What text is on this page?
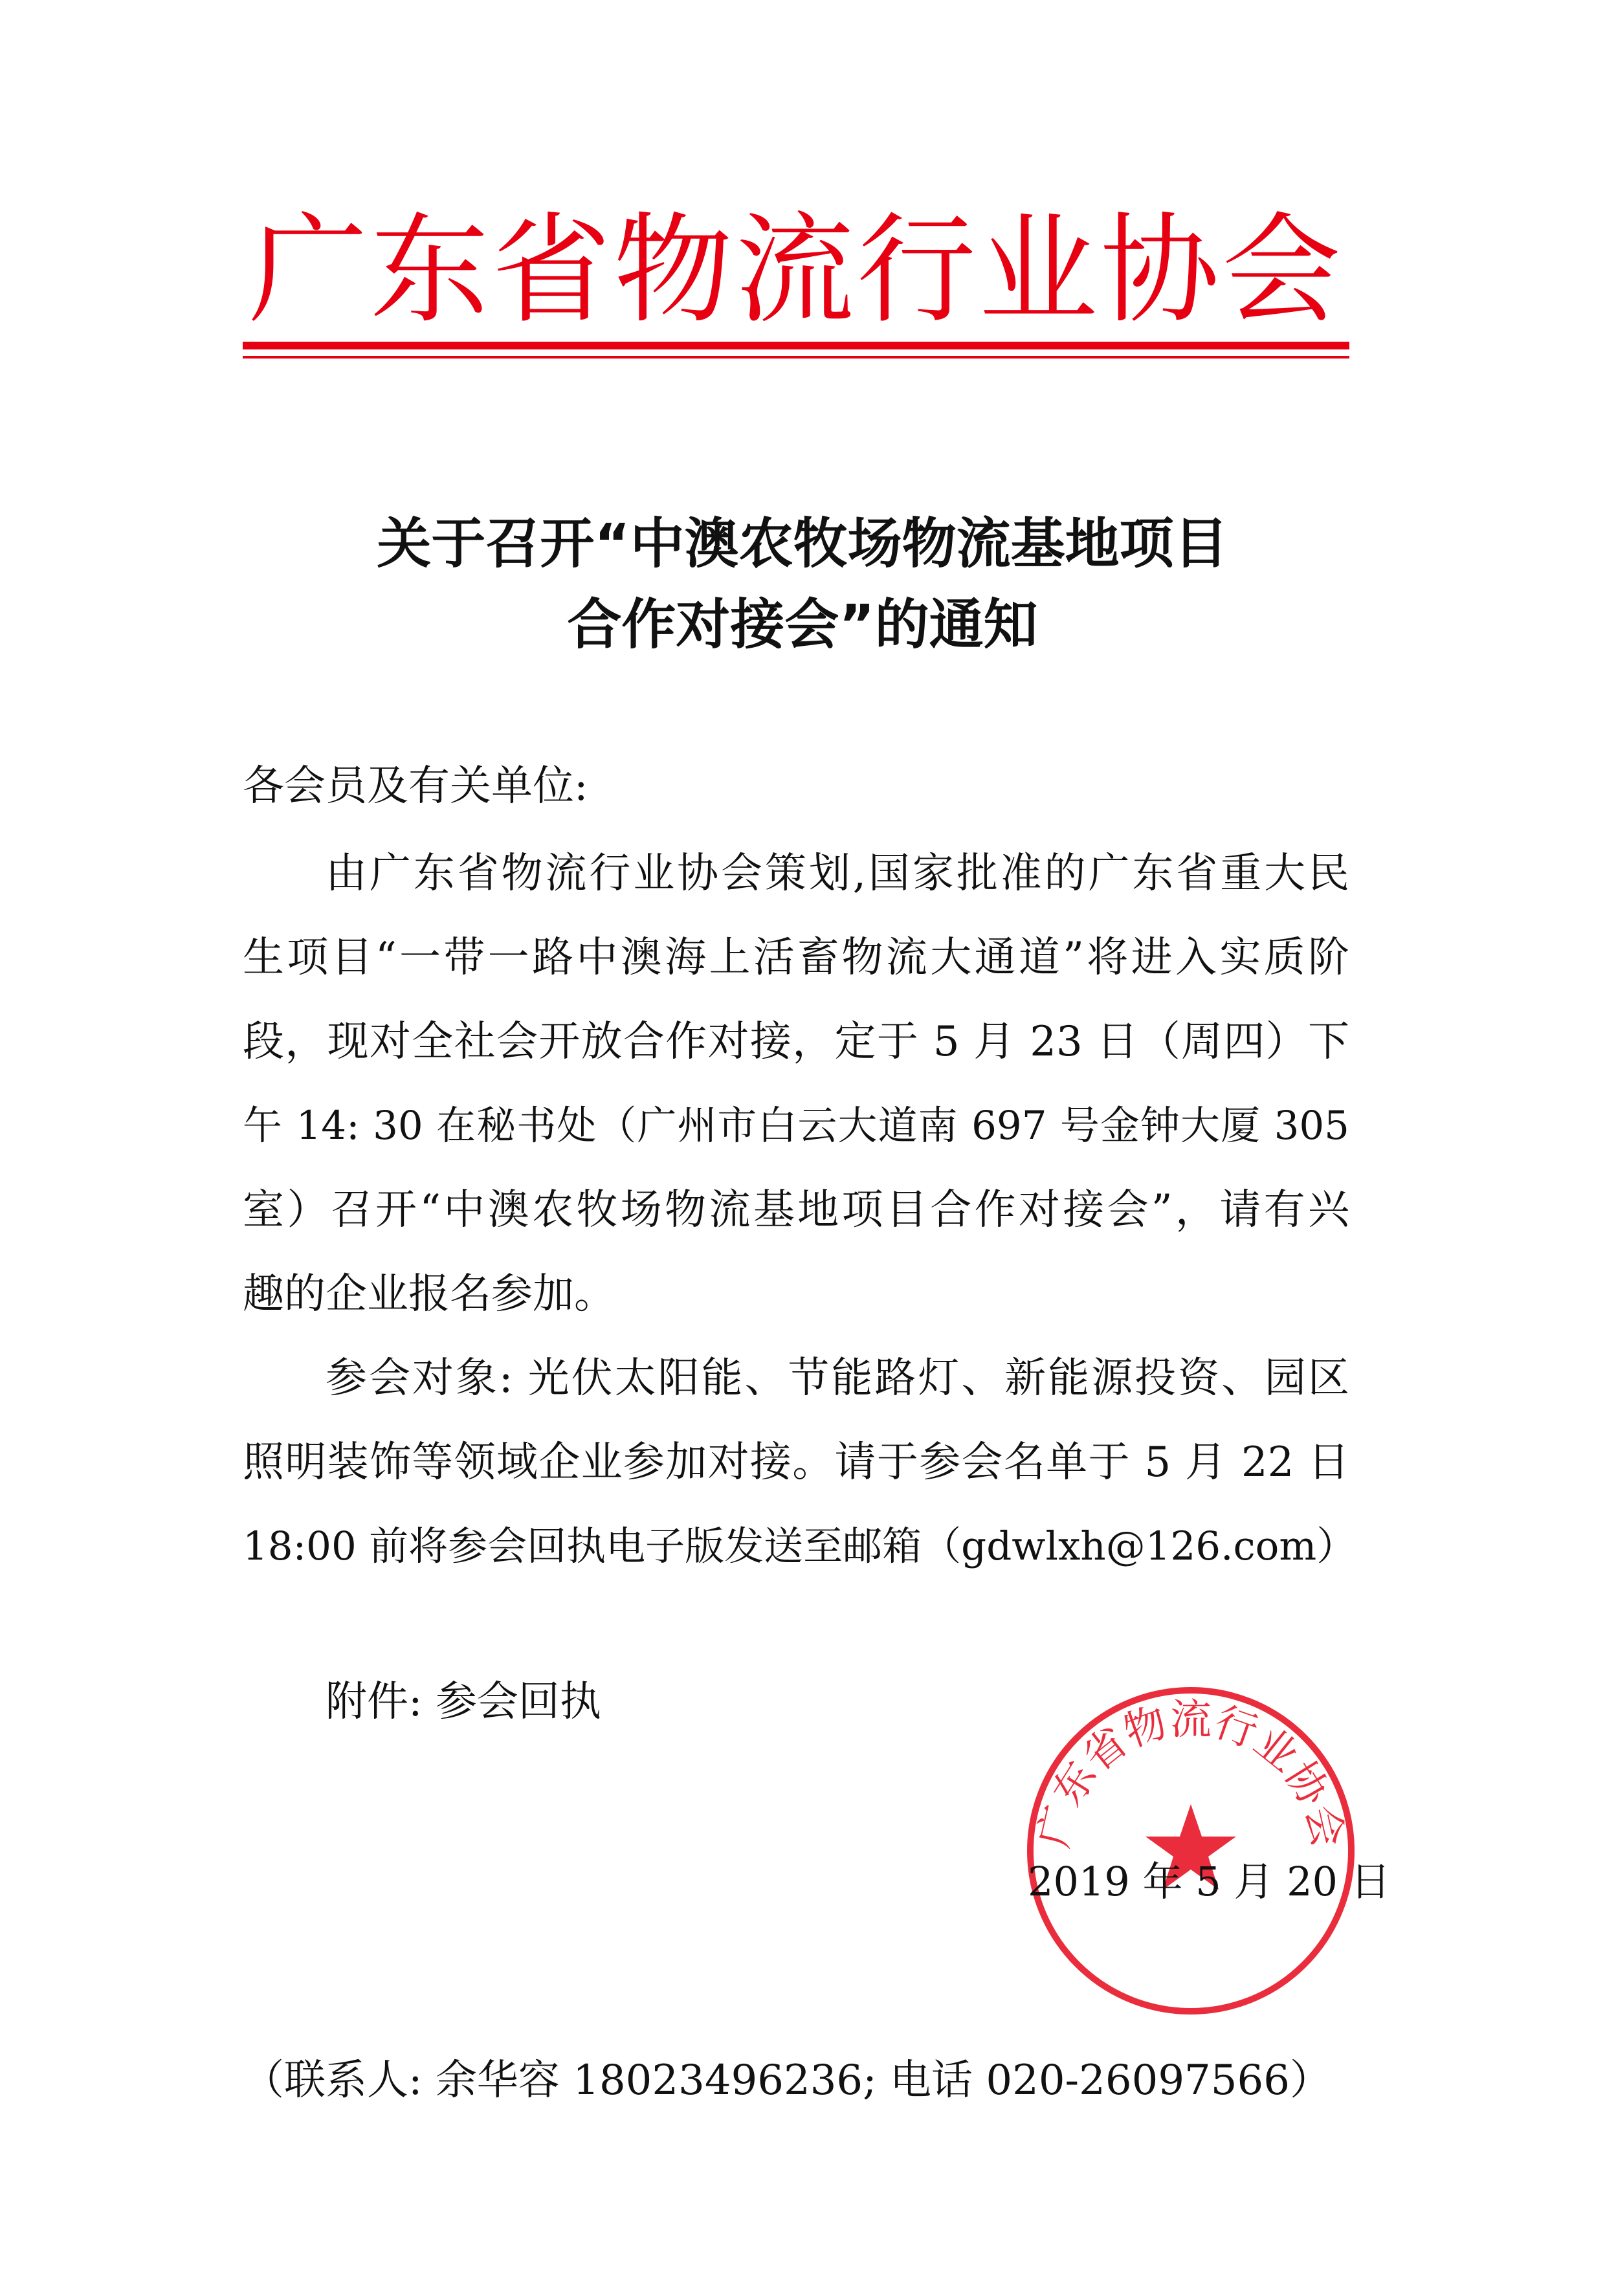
广东省物流行业协会
关于召开“中澳农牧场物流基地项目
合作对接会”的通知
各会员及有关单位:
由广东省物流行业协会策划,国家批准的广东省重大民
生项目“一带一路中澳海上活畜物流大通道”将进入实质阶
段，现对全社会开放合作对接，定于 5 月 23 日（周四）下
午 14: 30 在秘书处（广州市白云大道南 697 号金钟大厦 305
室）召开“中澳农牧场物流基地项目合作对接会”，请有兴
趣的企业报名参加。
参会对象: 光伏太阳能、节能路灯、新能源投资、园区
照明装饰等领域企业参加对接。请于参会名单于 5 月 22 日
18:00 前将参会回执电子版发送至邮箱（gdwlxh@126.com）
附件: 参会回执
广东省物流行业协会
2019 年 5 月 20 日
（联系人: 余华容 18023496236; 电话 020-26097566）
